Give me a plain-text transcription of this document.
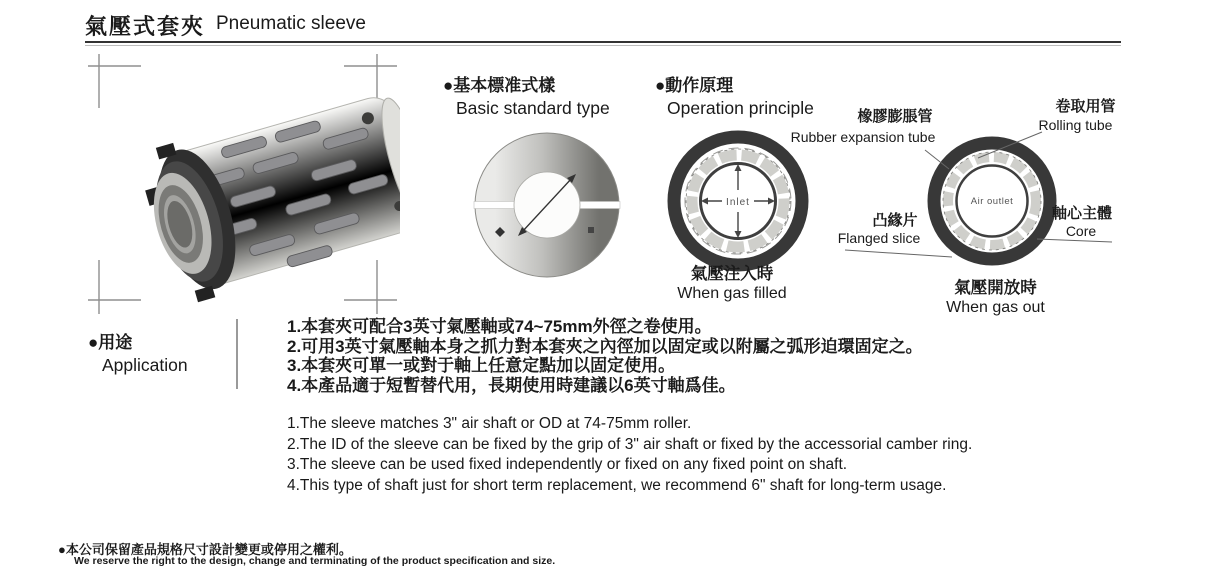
氣壓式套夾 Pneumatic sleeve
●基本標准式樣
Basic standard type
●動作原理
Operation principle
Inlet	Air outlet
橡膠膨脹管
Rubber expansion tube
卷取用管
Rolling tube
凸緣片
Flanged slice
軸心主體
Core
氣壓注入時
When gas filled	氣壓開放時
When gas out
●用途
Application
1.本套夾可配合3英寸氣壓軸或74~75mm外徑之卷使用。
2.可用3英寸氣壓軸本身之抓力對本套夾之內徑加以固定或以附屬之弧形迫環固定之。
3.本套夾可單一或對于軸上任意定點加以固定使用。
4.本產品適于短暫替代用，長期使用時建議以6英寸軸爲佳。
1.The sleeve matches 3" air shaft or OD at 74-75mm roller.
2.The ID of the sleeve can be fixed by the grip of 3" air shaft or fixed by the accessorial camber ring.
3.The sleeve can be used fixed independently or fixed on any fixed point on shaft.
4.This type of shaft just for short term replacement, we recommend 6" shaft for long-term usage.
●本公司保留產品規格尺寸設計變更或停用之權利。
We reserve the right to the design, change and terminating of the product specification and size.
